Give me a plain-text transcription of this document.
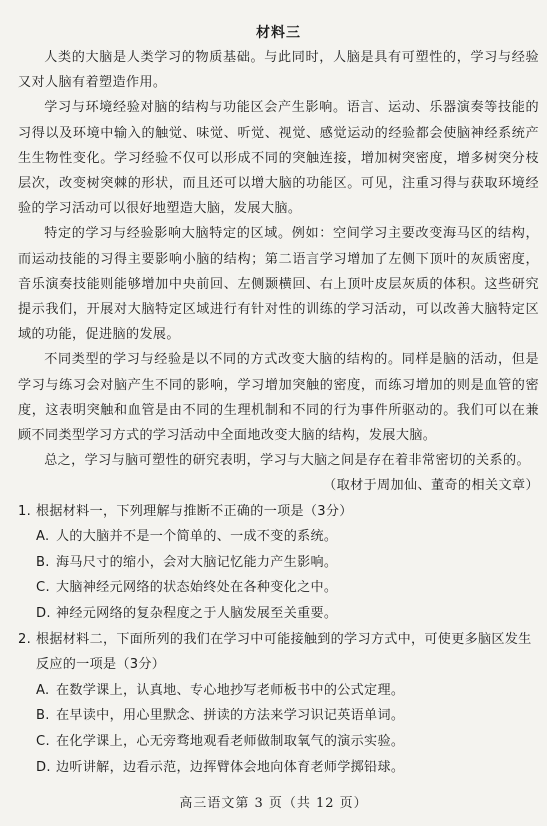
材料三

人类的大脑是人类学习的物质基础。与此同时，人脑是具有可塑性的，学习与经验又对人脑有着塑造作用。

学习与环境经验对脑的结构与功能区会产生影响。语言、运动、乐器演奏等技能的习得以及环境中输入的触觉、味觉、听觉、视觉、感觉运动的经验都会使脑神经系统产生生物性变化。学习经验不仅可以形成不同的突触连接，增加树突密度，增多树突分枝层次，改变树突棘的形状，而且还可以增大脑的功能区。可见，注重习得与获取环境经验的学习活动可以很好地塑造大脑，发展大脑。

特定的学习与经验影响大脑特定的区域。例如：空间学习主要改变海马区的结构，而运动技能的习得主要影响小脑的结构；第二语言学习增加了左侧下顶叶的灰质密度，音乐演奏技能则能够增加中央前回、左侧颞横回、右上顶叶皮层灰质的体积。这些研究提示我们，开展对大脑特定区域进行有针对性的训练的学习活动，可以改善大脑特定区域的功能，促进脑的发展。

不同类型的学习与经验是以不同的方式改变大脑的结构的。同样是脑的活动，但是学习与练习会对脑产生不同的影响，学习增加突触的密度，而练习增加的则是血管的密度，这表明突触和血管是由不同的生理机制和不同的行为事件所驱动的。我们可以在兼顾不同类型学习方式的学习活动中全面地改变大脑的结构，发展大脑。

总之，学习与脑可塑性的研究表明，学习与大脑之间是存在着非常密切的关系的。

（取材于周加仙、董奇的相关文章）

1. 根据材料一，下列理解与推断不正确的一项是（3分）

A. 人的大脑并不是一个简单的、一成不变的系统。

B. 海马尺寸的缩小，会对大脑记忆能力产生影响。

C. 大脑神经元网络的状态始终处在各种变化之中。

D. 神经元网络的复杂程度之于人脑发展至关重要。

2. 根据材料二，下面所列的我们在学习中可能接触到的学习方式中，可使更多脑区发生

反应的一项是（3分）

A. 在数学课上，认真地、专心地抄写老师板书中的公式定理。

B. 在早读中，用心里默念、拼读的方法来学习识记英语单词。

C. 在化学课上，心无旁骛地观看老师做制取氧气的演示实验。

D. 边听讲解，边看示范，边挥臂体会地向体育老师学掷铅球。

高三语文第 3 页（共 12 页）
